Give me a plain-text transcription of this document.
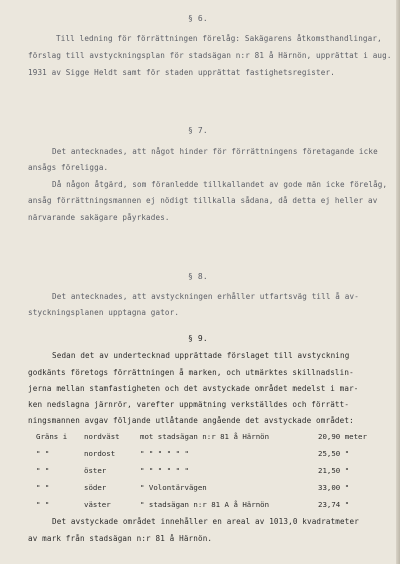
§ 6.
Till ledning för förrättningen förelåg: Sakägarens åtkomsthandlingar,
förslag till avstyckningsplan för stadsägan n:r 81 å Härnön, upprättat i aug.
1931 av Sigge Heldt samt för staden upprättat fastighetsregister.
§ 7.
Det antecknades, att något hinder för förrättningens företagande icke
ansågs föreligga.
Då någon åtgärd, som föranledde tillkallandet av gode män icke förelåg,
ansåg förrättningsmannen ej nödigt tillkalla sådana, då detta ej heller av
närvarande sakägare påyrkades.
§ 8.
Det antecknades, att avstyckningen erhåller utfartsväg till å av-
styckningsplanen upptagna gator.
§ 9.
Sedan det av undertecknad upprättade förslaget till avstyckning
godkänts företogs förrättningen å marken, och utmärktes skillnadslin-
jerna mellan stamfastigheten och det avstyckade området medelst i mar-
ken nedslagna järnrör, varefter uppmätning verkställdes och förrätt-
ningsmannen avgav följande utlåtande angående det avstyckade området:
Gräns i nordväst	mot stadsägan n:r 81 å Härnön	20,90 meter
" "	nordost	" " " " " "	25,50 "
" "	öster	" " " " " "	21,50 "
" "	söder	" Volontärvägen	33,00 "
" "	väster	" stadsägan n:r 81 A å Härnön	23,74 "
Det avstyckade området innehåller en areal av 1013,0 kvadratmeter
av mark från stadsägan n:r 81 å Härnön.
